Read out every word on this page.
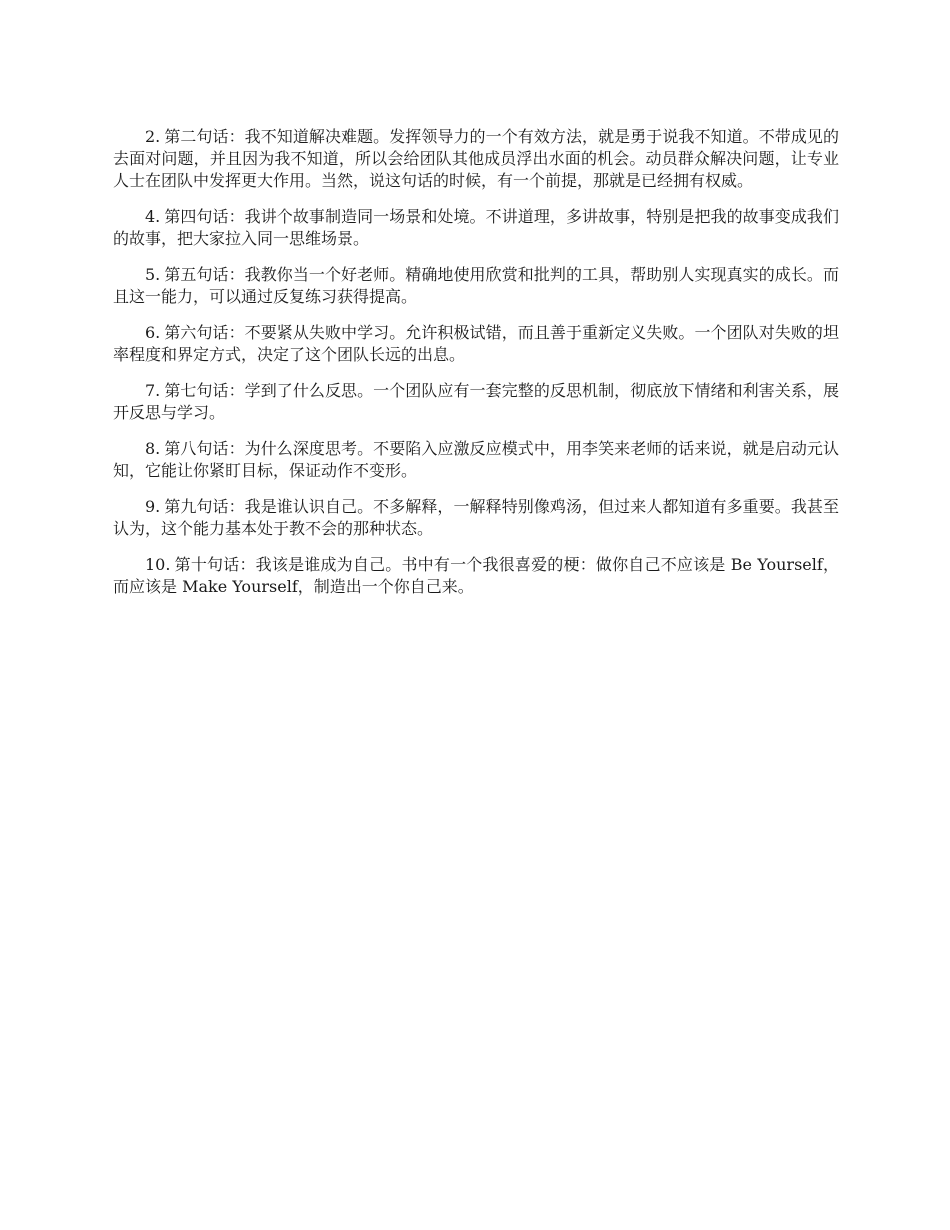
2. 第二句话：我不知道解决难题。发挥领导力的一个有效方法，就是勇于说我不知道。不带成见的去面对问题，并且因为我不知道，所以会给团队其他成员浮出水面的机会。动员群众解决问题，让专业人士在团队中发挥更大作用。当然，说这句话的时候，有一个前提，那就是已经拥有权威。

4. 第四句话：我讲个故事制造同一场景和处境。不讲道理，多讲故事，特别是把我的故事变成我们的故事，把大家拉入同一思维场景。

5. 第五句话：我教你当一个好老师。精确地使用欣赏和批判的工具，帮助别人实现真实的成长。而且这一能力，可以通过反复练习获得提高。

6. 第六句话：不要紧从失败中学习。允许积极试错，而且善于重新定义失败。一个团队对失败的坦率程度和界定方式，决定了这个团队长远的出息。

7. 第七句话：学到了什么反思。一个团队应有一套完整的反思机制，彻底放下情绪和利害关系，展开反思与学习。

8. 第八句话：为什么深度思考。不要陷入应激反应模式中，用李笑来老师的话来说，就是启动元认知，它能让你紧盯目标，保证动作不变形。

9. 第九句话：我是谁认识自己。不多解释，一解释特别像鸡汤，但过来人都知道有多重要。我甚至认为，这个能力基本处于教不会的那种状态。

10. 第十句话：我该是谁成为自己。书中有一个我很喜爱的梗：做你自己不应该是 Be Yourself，而应该是 Make Yourself，制造出一个你自己来。
